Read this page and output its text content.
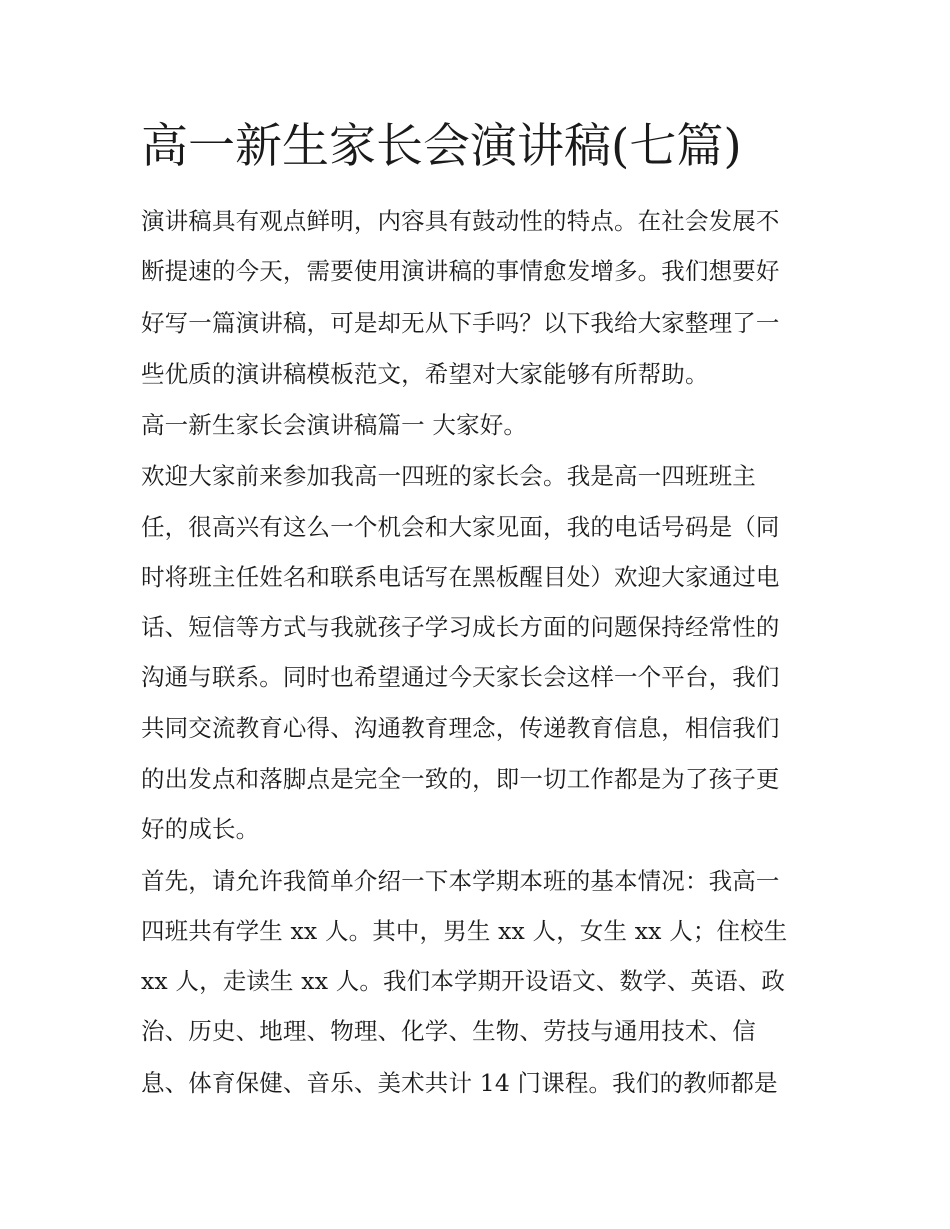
高一新生家长会演讲稿(七篇)
演讲稿具有观点鲜明，内容具有鼓动性的特点。在社会发展不
断提速的今天，需要使用演讲稿的事情愈发增多。我们想要好
好写一篇演讲稿，可是却无从下手吗？以下我给大家整理了一
些优质的演讲稿模板范文，希望对大家能够有所帮助。
高一新生家长会演讲稿篇一 大家好。
欢迎大家前来参加我高一四班的家长会。我是高一四班班主
任，很高兴有这么一个机会和大家见面，我的电话号码是（同
时将班主任姓名和联系电话写在黑板醒目处）欢迎大家通过电
话、短信等方式与我就孩子学习成长方面的问题保持经常性的
沟通与联系。同时也希望通过今天家长会这样一个平台，我们
共同交流教育心得、沟通教育理念，传递教育信息，相信我们
的出发点和落脚点是完全一致的，即一切工作都是为了孩子更
好的成长。
首先，请允许我简单介绍一下本学期本班的基本情况：我高一
四班共有学生 xx 人。其中，男生 xx 人，女生 xx 人；住校生
xx 人，走读生 xx 人。我们本学期开设语文、数学、英语、政
治、历史、地理、物理、化学、生物、劳技与通用技术、信
息、体育保健、音乐、美术共计 14 门课程。我们的教师都是
